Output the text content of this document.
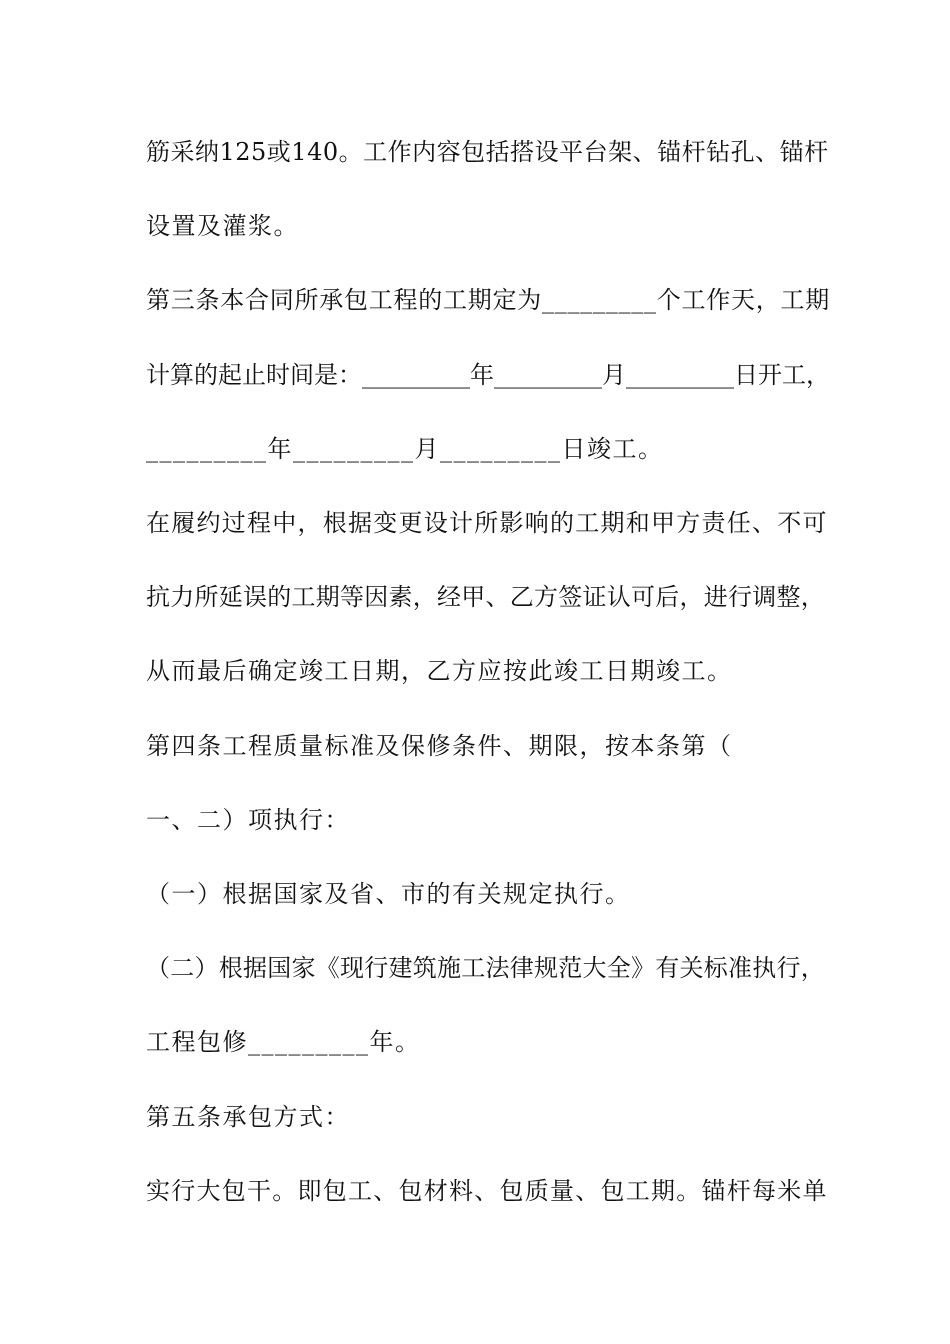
筋采纳125或140。工作内容包括搭设平台架、锚杆钻孔、锚杆
设置及灌浆。
第三条本合同所承包工程的工期定为_________个工作天，工期
计算的起止时间是：_________年_________月_________日开工，
_________年_________月_________日竣工。
在履约过程中，根据变更设计所影响的工期和甲方责任、不可
抗力所延误的工期等因素，经甲、乙方签证认可后，进行调整，
从而最后确定竣工日期，乙方应按此竣工日期竣工。
第四条工程质量标准及保修条件、期限，按本条第（
一、二）项执行：
（一）根据国家及省、市的有关规定执行。
（二）根据国家《现行建筑施工法律规范大全》有关标准执行，
工程包修_________年。
第五条承包方式：
实行大包干。即包工、包材料、包质量、包工期。锚杆每米单
